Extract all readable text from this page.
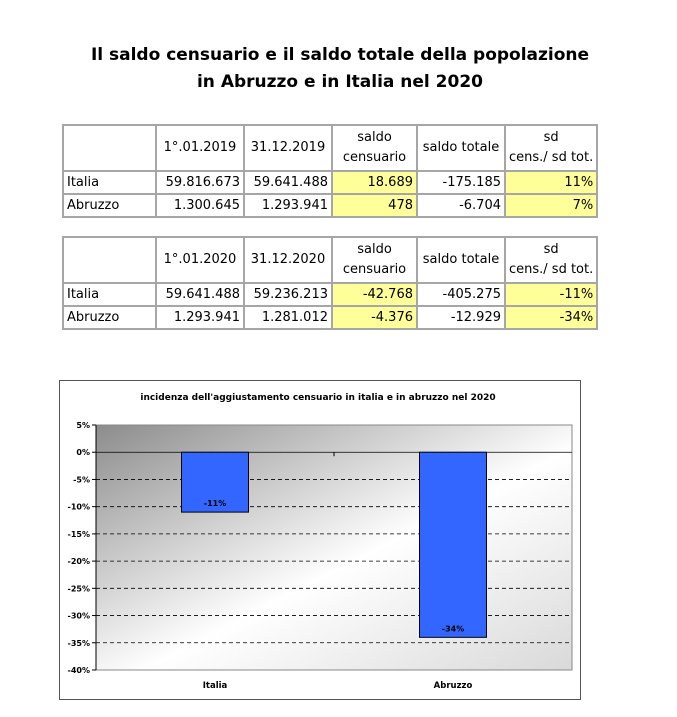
Il saldo censuario e il saldo totale della popolazione
in Abruzzo e in Italia nel 2020
	1°.01.2019	31.12.2019	saldo
censuario	saldo totale	sd
cens./ sd tot.
Italia	59.816.673	59.641.488	18.689	-175.185	11%
Abruzzo	1.300.645	1.293.941	478	-6.704	7%
	1°.01.2020	31.12.2020	saldo
censuario	saldo totale	sd
cens./ sd tot.
Italia	59.641.488	59.236.213	-42.768	-405.275	-11%
Abruzzo	1.293.941	1.281.012	-4.376	-12.929	-34%
incidenza dell'aggiustamento censuario in italia e in abruzzo nel 2020
5%
0%
-5%
-10%
-15%
-20%
-25%
-30%
-35%
-40%
-11%
-34%
Italia	Abruzzo
